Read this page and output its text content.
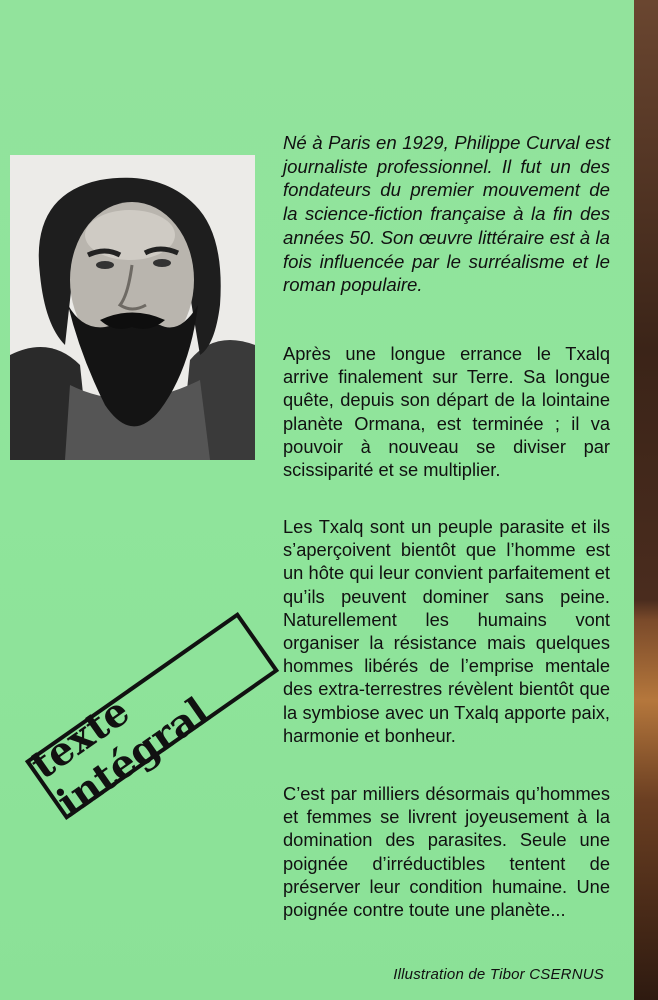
Né à Paris en 1929, Philippe Curval est journaliste professionnel. Il fut un des fondateurs du premier mouvement de la science-fiction française à la fin des années 50. Son œuvre littéraire est à la fois influencée par le surréalisme et le roman populaire.

Après une longue errance le Txalq arrive finalement sur Terre. Sa longue quête, depuis son départ de la lointaine planète Ormana, est terminée ; il va pouvoir à nouveau se diviser par scissiparité et se multiplier.

Les Txalq sont un peuple parasite et ils s’aperçoivent bientôt que l’homme est un hôte qui leur convient parfaitement et qu’ils peuvent dominer sans peine. Naturellement les humains vont organiser la résistance mais quelques hommes libérés de l’emprise mentale des extra-terrestres révèlent bientôt que la symbiose avec un Txalq apporte paix, harmonie et bonheur.

C’est par milliers désormais qu’hommes et femmes se livrent joyeusement à la domination des parasites. Seule une poignée d’irréductibles tentent de préserver leur condition humaine. Une poignée contre toute une planète...

texte intégral
Illustration de Tibor CSERNUS
